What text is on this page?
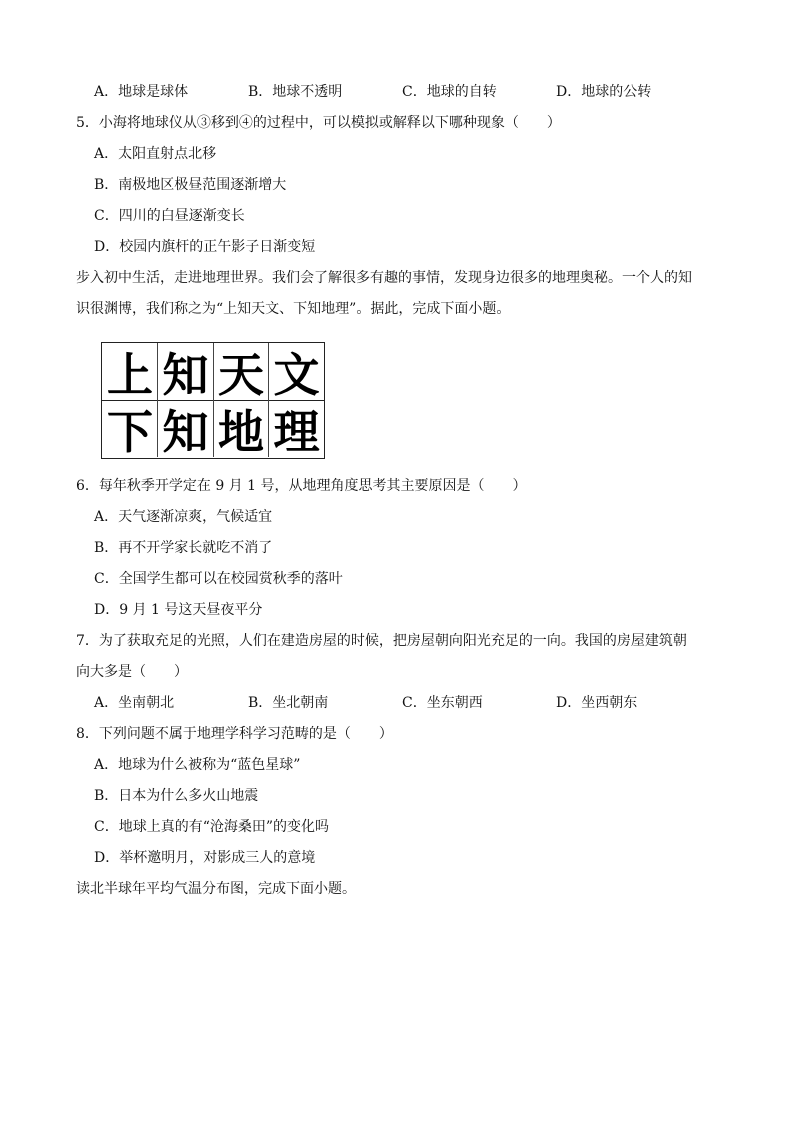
A．地球是球体	B．地球不透明	C．地球的自转	D．地球的公转
5．小海将地球仪从③移到④的过程中，可以模拟或解释以下哪种现象（　　）
A．太阳直射点北移
B．南极地区极昼范围逐渐增大
C．四川的白昼逐渐变长
D．校园内旗杆的正午影子日渐变短
步入初中生活，走进地理世界。我们会了解很多有趣的事情，发现身边很多的地理奥秘。一个人的知
识很渊博，我们称之为“上知天文、下知地理”。据此，完成下面小题。
上 知 天 文
下 知 地 理
6．每年秋季开学定在 9 月 1 号，从地理角度思考其主要原因是（　　）
A．天气逐渐凉爽，气候适宜
B．再不开学家长就吃不消了
C．全国学生都可以在校园赏秋季的落叶
D．9 月 1 号这天昼夜平分
7．为了获取充足的光照，人们在建造房屋的时候，把房屋朝向阳光充足的一向。我国的房屋建筑朝
向大多是（　　）
A．坐南朝北	B．坐北朝南	C．坐东朝西	D．坐西朝东
8．下列问题不属于地理学科学习范畴的是（　　）
A．地球为什么被称为“蓝色星球”
B．日本为什么多火山地震
C．地球上真的有“沧海桑田”的变化吗
D．举杯邀明月，对影成三人的意境
读北半球年平均气温分布图，完成下面小题。
